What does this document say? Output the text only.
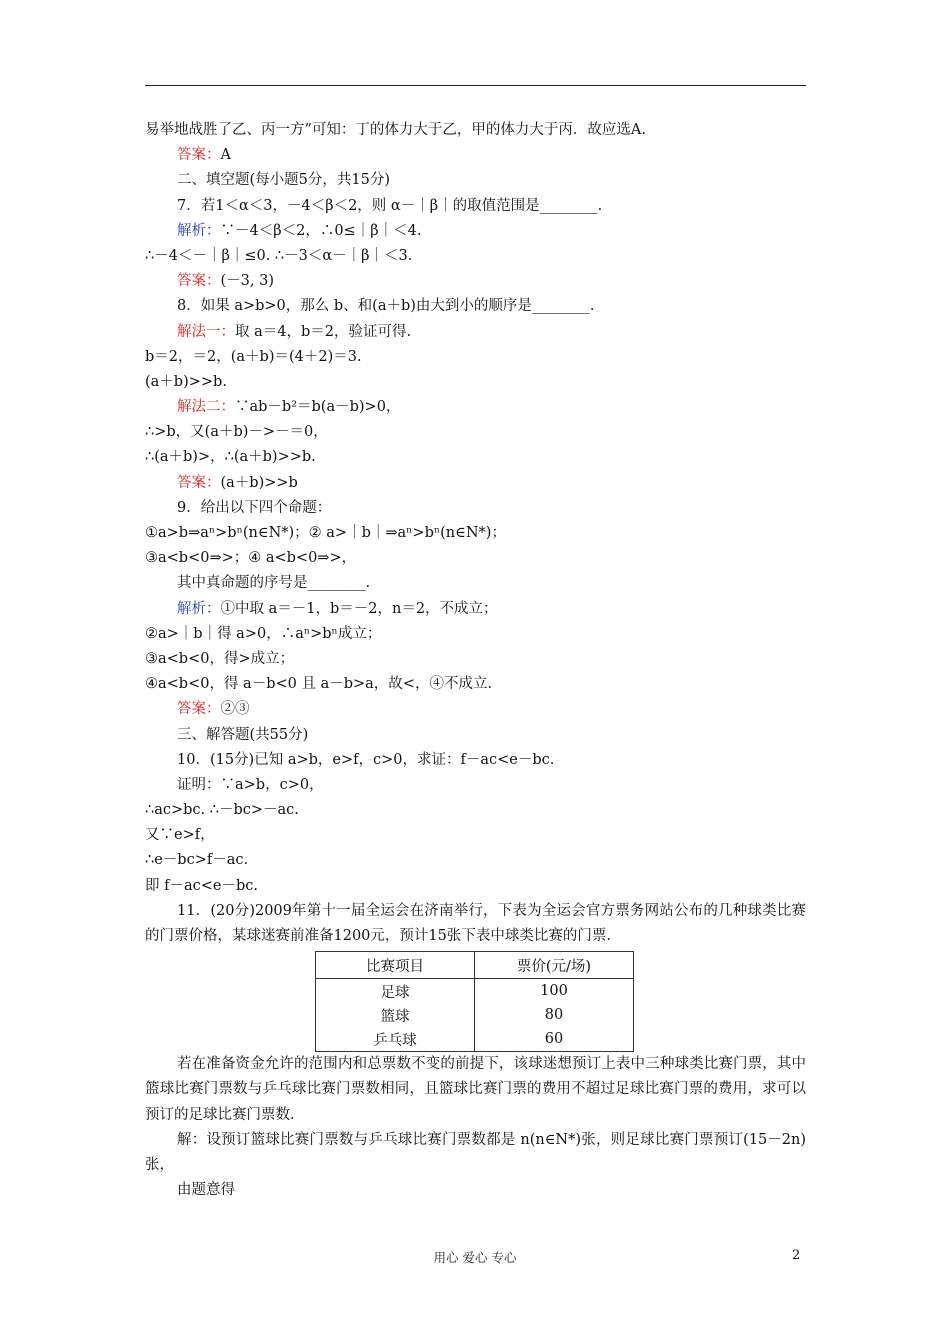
易举地战胜了乙、丙一方”可知：丁的体力大于乙，甲的体力大于丙．故应选A.
答案：A
二、填空题(每小题5分，共15分)
7．若1＜α＜3，－4＜β＜2，则 α－｜β｜的取值范围是________.
解析：∵－4＜β＜2，∴0≤｜β｜＜4.
∴－4＜－｜β｜≤0. ∴－3＜α－｜β｜＜3.
答案：(－3, 3)
8．如果 a>b>0，那么 b、和(a＋b)由大到小的顺序是________.
解法一：取 a＝4，b＝2，验证可得.
b＝2，＝2，(a＋b)＝(4＋2)＝3.
(a＋b)>>b.
解法二：∵ab－b²＝b(a－b)>0，
∴>b，又(a＋b)－>－＝0，
∴(a＋b)>，∴(a＋b)>>b.
答案：(a＋b)>>b
9．给出以下四个命题：
①a>b⇒aⁿ>bⁿ(n∈N*)；② a>｜b｜⇒aⁿ>bⁿ(n∈N*)；
③a<b<0⇒>；④ a<b<0⇒>，
其中真命题的序号是________.
解析：①中取 a＝－1，b＝－2，n＝2，不成立；
②a>｜b｜得 a>0，∴aⁿ>bⁿ成立；
③a<b<0，得>成立；
④a<b<0，得 a－b<0 且 a－b>a，故<，④不成立.
答案：②③
三、解答题(共55分)
10．(15分)已知 a>b，e>f，c>0，求证：f－ac<e－bc.
证明：∵a>b，c>0，
∴ac>bc. ∴－bc>－ac.
又∵e>f，
∴e－bc>f－ac.
即 f－ac<e－bc.
11．(20分)2009年第十一届全运会在济南举行，下表为全运会官方票务网站公布的几种球类比赛的门票价格，某球迷赛前准备1200元，预计15张下表中球类比赛的门票.
比赛项目	票价(元/场)
足球	100
篮球	80
乒乓球	60
若在准备资金允许的范围内和总票数不变的前提下，该球迷想预订上表中三种球类比赛门票，其中篮球比赛门票数与乒乓球比赛门票数相同，且篮球比赛门票的费用不超过足球比赛门票的费用，求可以预订的足球比赛门票数.
解：设预订篮球比赛门票数与乒乓球比赛门票数都是 n(n∈N*)张，则足球比赛门票预订(15－2n)张，
由题意得
用心 爱心 专心	2
